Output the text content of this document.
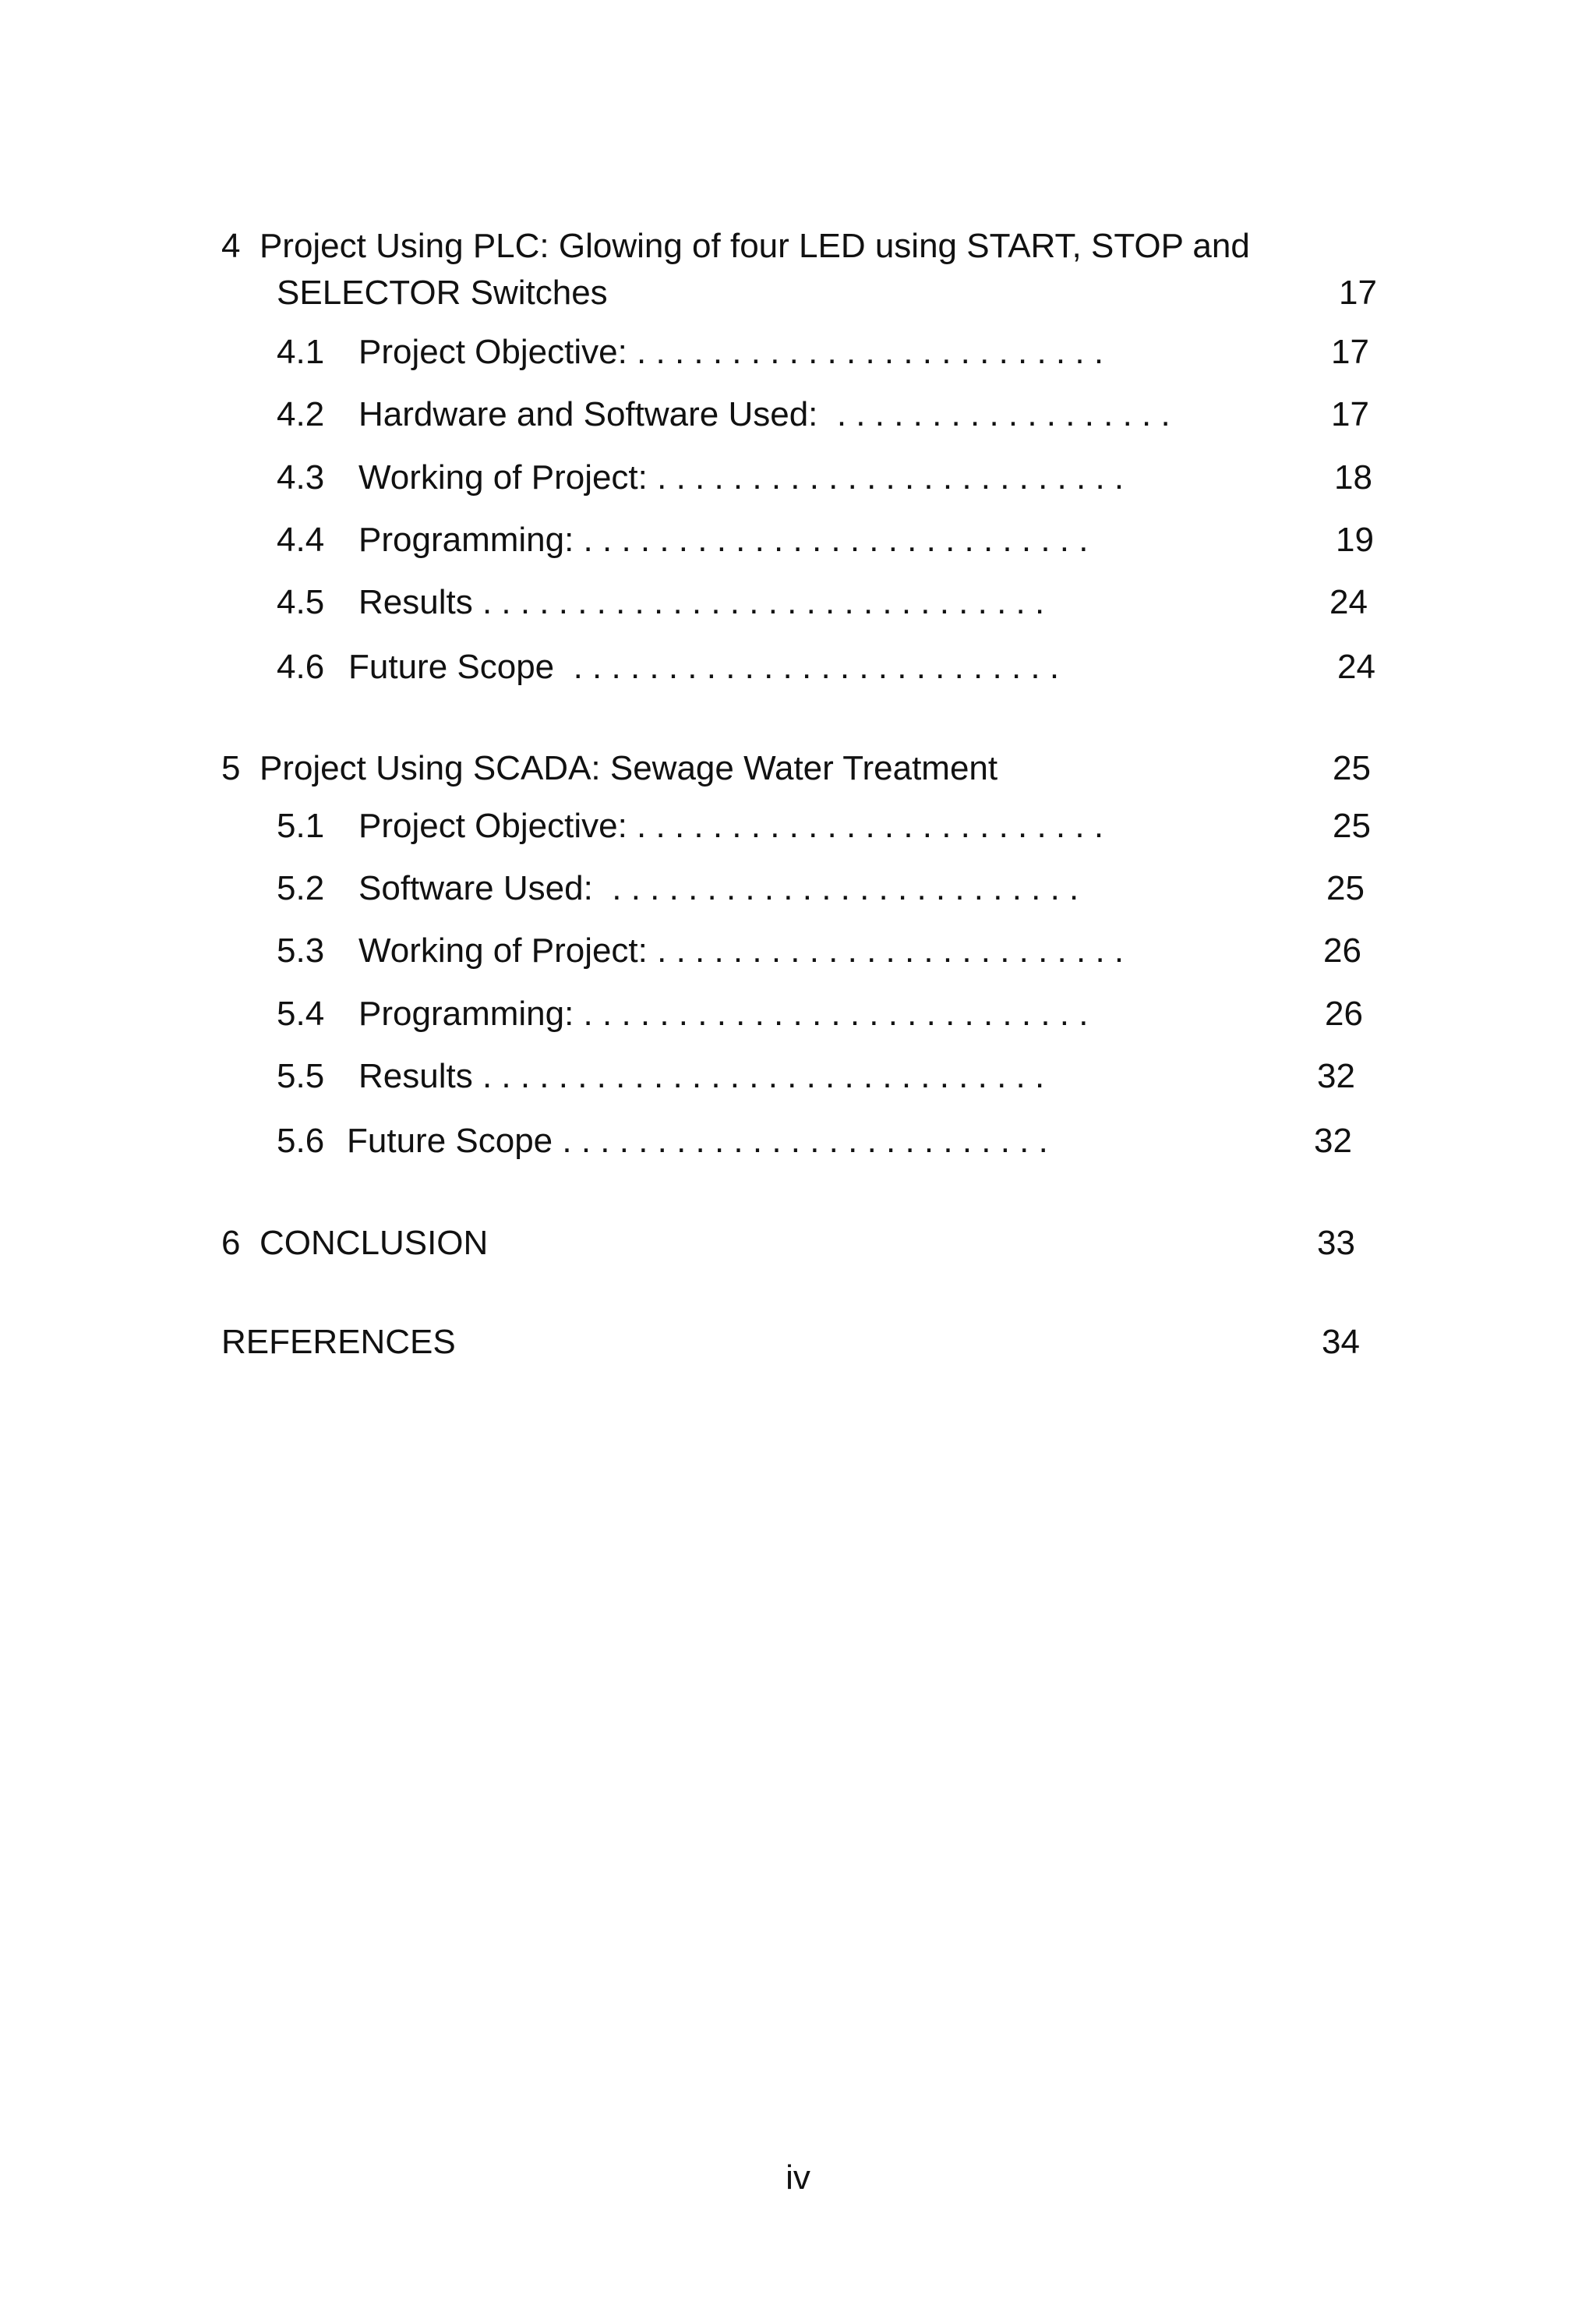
4 Project Using PLC: Glowing of four LED using START, STOP and
SELECTOR Switches	17
4.1 Project Objective: . . . . . . . . . . . . . . . . . . . . . . . . .	17
4.2 Hardware and Software Used: . . . . . . . . . . . . . . . . . .	17
4.3 Working of Project: . . . . . . . . . . . . . . . . . . . . . . . . .	18
4.4 Programming: . . . . . . . . . . . . . . . . . . . . . . . . . . .	19
4.5 Results . . . . . . . . . . . . . . . . . . . . . . . . . . . . . .	24
4.6 Future Scope . . . . . . . . . . . . . . . . . . . . . . . . . .	24
5 Project Using SCADA: Sewage Water Treatment	25
5.1 Project Objective: . . . . . . . . . . . . . . . . . . . . . . . . .	25
5.2 Software Used: . . . . . . . . . . . . . . . . . . . . . . . . .	25
5.3 Working of Project: . . . . . . . . . . . . . . . . . . . . . . . . .	26
5.4 Programming: . . . . . . . . . . . . . . . . . . . . . . . . . . .	26
5.5 Results . . . . . . . . . . . . . . . . . . . . . . . . . . . . . .	32
5.6 Future Scope . . . . . . . . . . . . . . . . . . . . . . . . . .	32
6 CONCLUSION	33
REFERENCES	34
iv
